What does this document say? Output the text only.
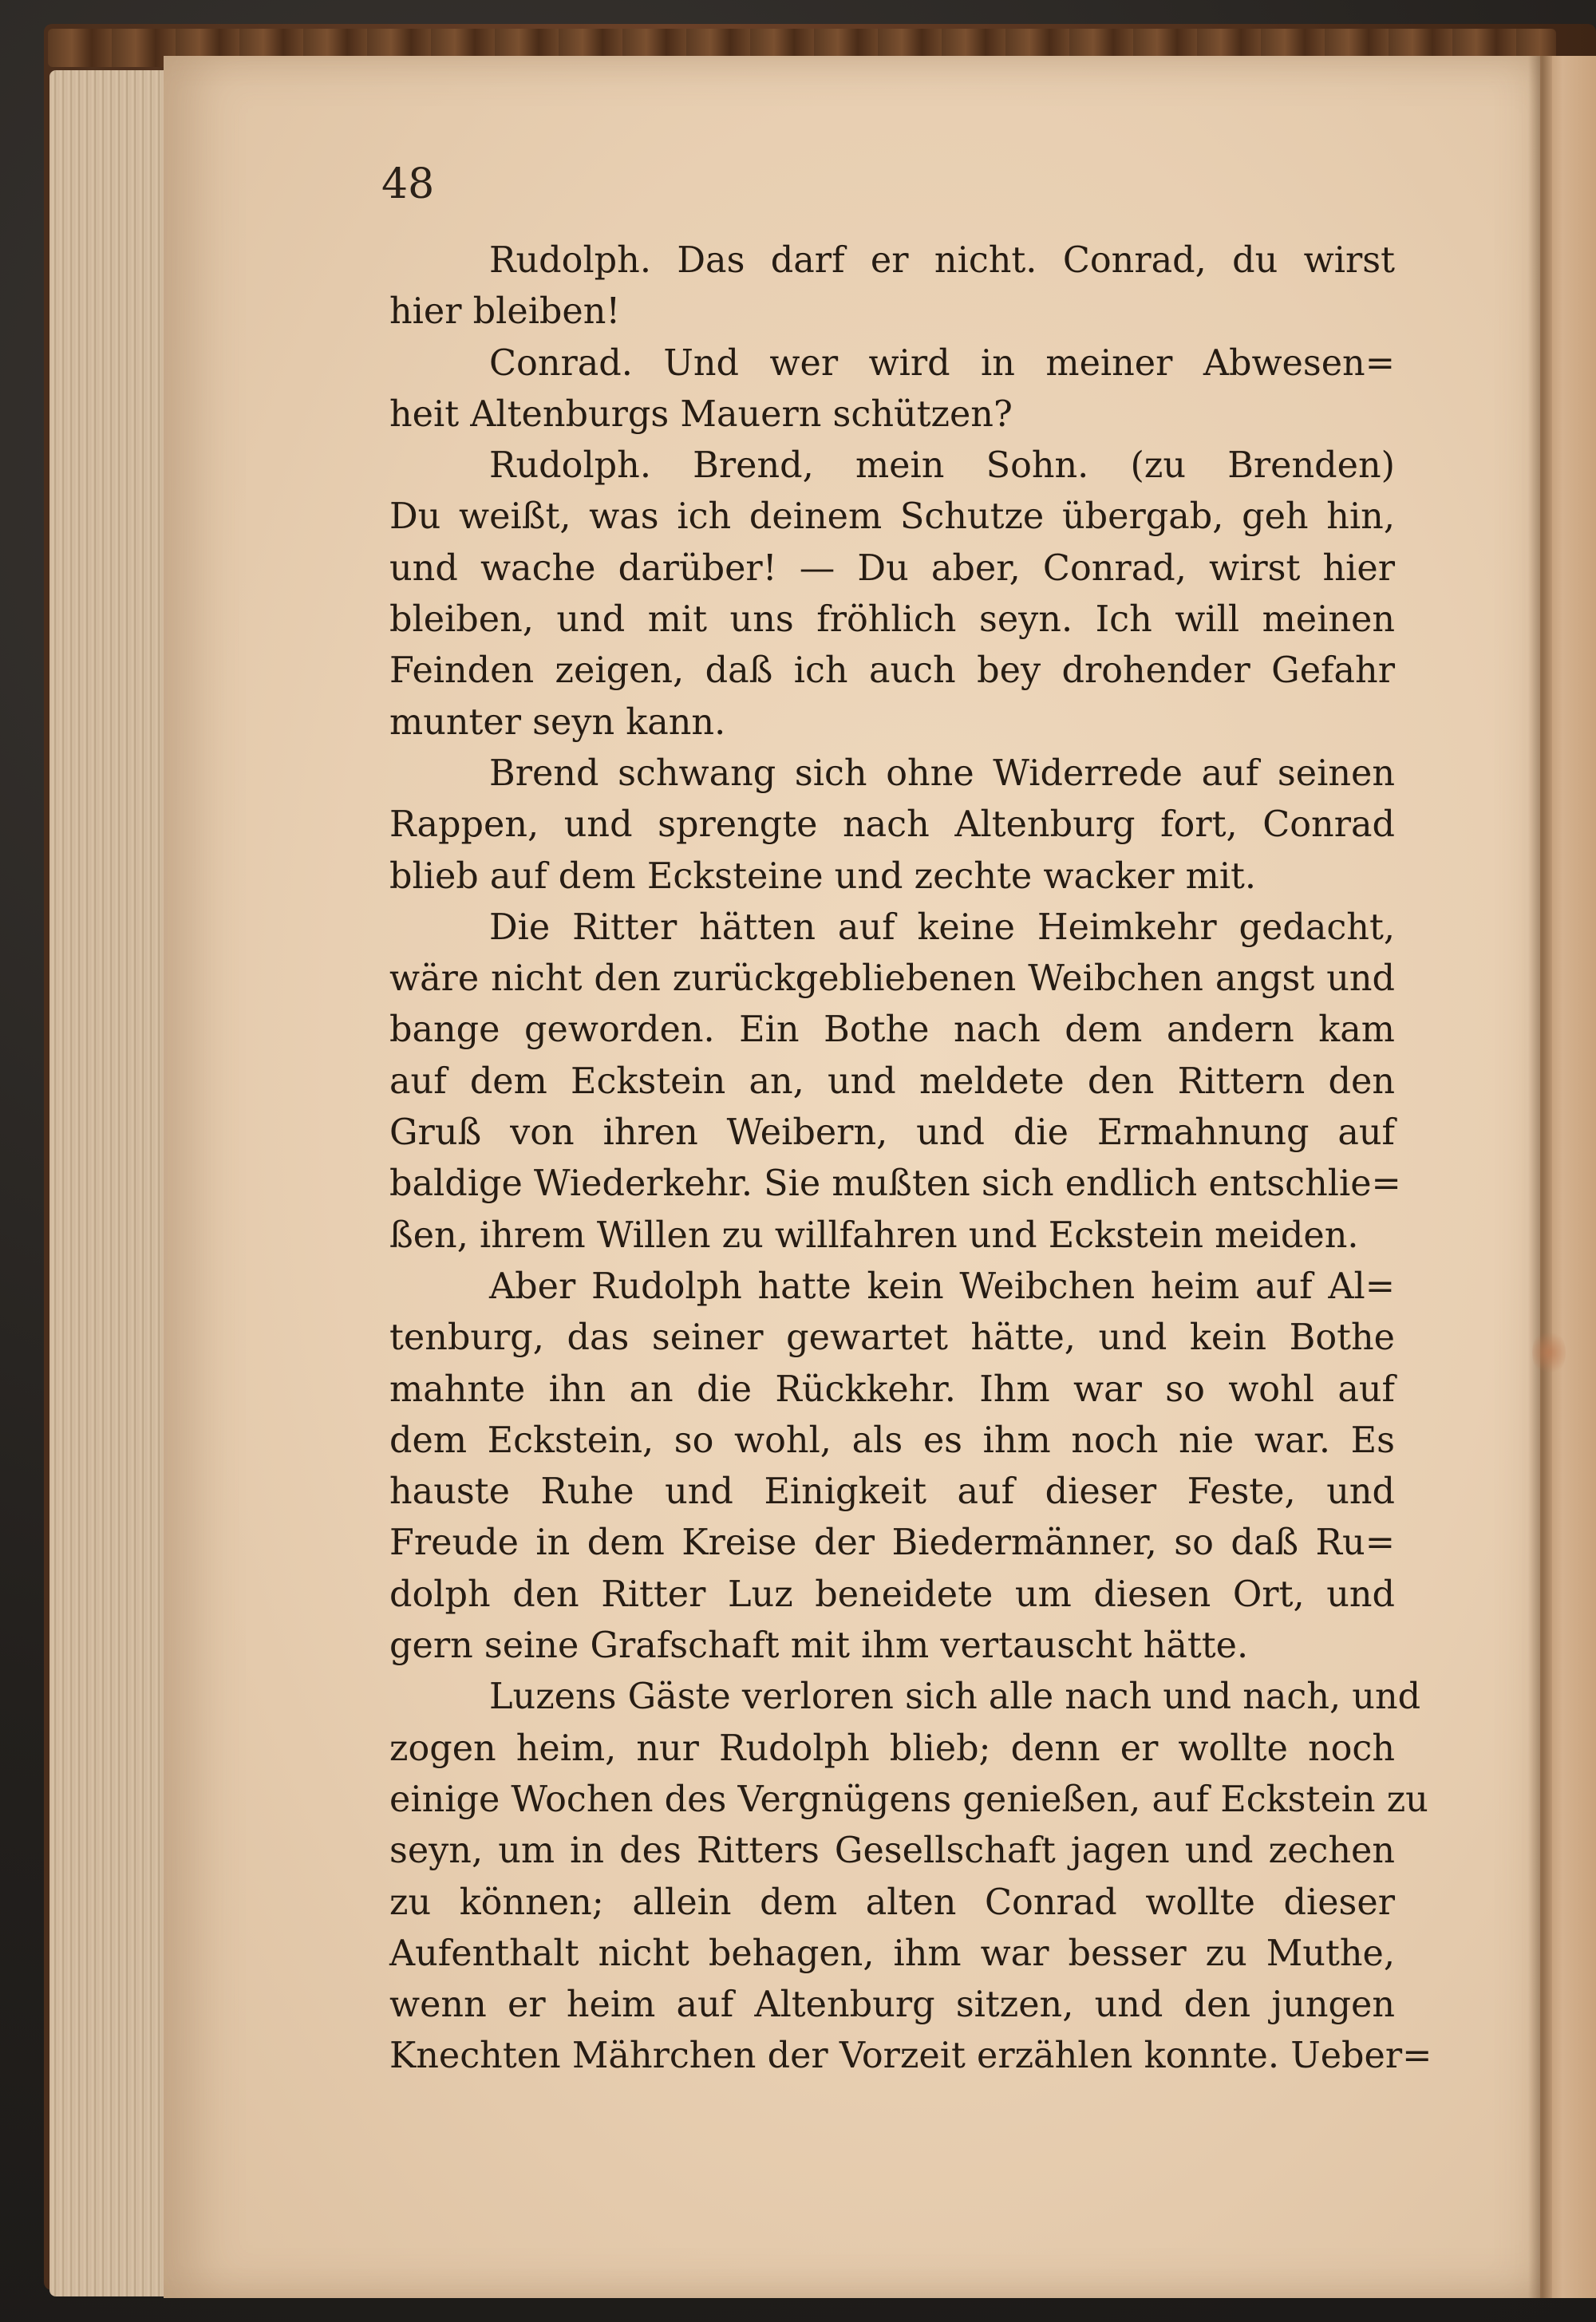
48
Rudolph. Das darf er nicht. Conrad, du wirst
hier bleiben!
Conrad. Und wer wird in meiner Abwesen=
heit Altenburgs Mauern schützen?
Rudolph. Brend, mein Sohn. (zu Brenden)
Du weißt, was ich deinem Schutze übergab, geh hin,
und wache darüber! — Du aber, Conrad, wirst hier
bleiben, und mit uns fröhlich seyn. Ich will meinen
Feinden zeigen, daß ich auch bey drohender Gefahr
munter seyn kann.
Brend schwang sich ohne Widerrede auf seinen
Rappen, und sprengte nach Altenburg fort, Conrad
blieb auf dem Ecksteine und zechte wacker mit.
Die Ritter hätten auf keine Heimkehr gedacht,
wäre nicht den zurückgebliebenen Weibchen angst und
bange geworden. Ein Bothe nach dem andern kam
auf dem Eckstein an, und meldete den Rittern den
Gruß von ihren Weibern, und die Ermahnung auf
baldige Wiederkehr. Sie mußten sich endlich entschlie=
ßen, ihrem Willen zu willfahren und Eckstein meiden.
Aber Rudolph hatte kein Weibchen heim auf Al=
tenburg, das seiner gewartet hätte, und kein Bothe
mahnte ihn an die Rückkehr. Ihm war so wohl auf
dem Eckstein, so wohl, als es ihm noch nie war. Es
hauste Ruhe und Einigkeit auf dieser Feste, und
Freude in dem Kreise der Biedermänner, so daß Ru=
dolph den Ritter Luz beneidete um diesen Ort, und
gern seine Grafschaft mit ihm vertauscht hätte.
Luzens Gäste verloren sich alle nach und nach, und
zogen heim, nur Rudolph blieb; denn er wollte noch
einige Wochen des Vergnügens genießen, auf Eckstein zu
seyn, um in des Ritters Gesellschaft jagen und zechen
zu können; allein dem alten Conrad wollte dieser
Aufenthalt nicht behagen, ihm war besser zu Muthe,
wenn er heim auf Altenburg sitzen, und den jungen
Knechten Mährchen der Vorzeit erzählen konnte. Ueber=
